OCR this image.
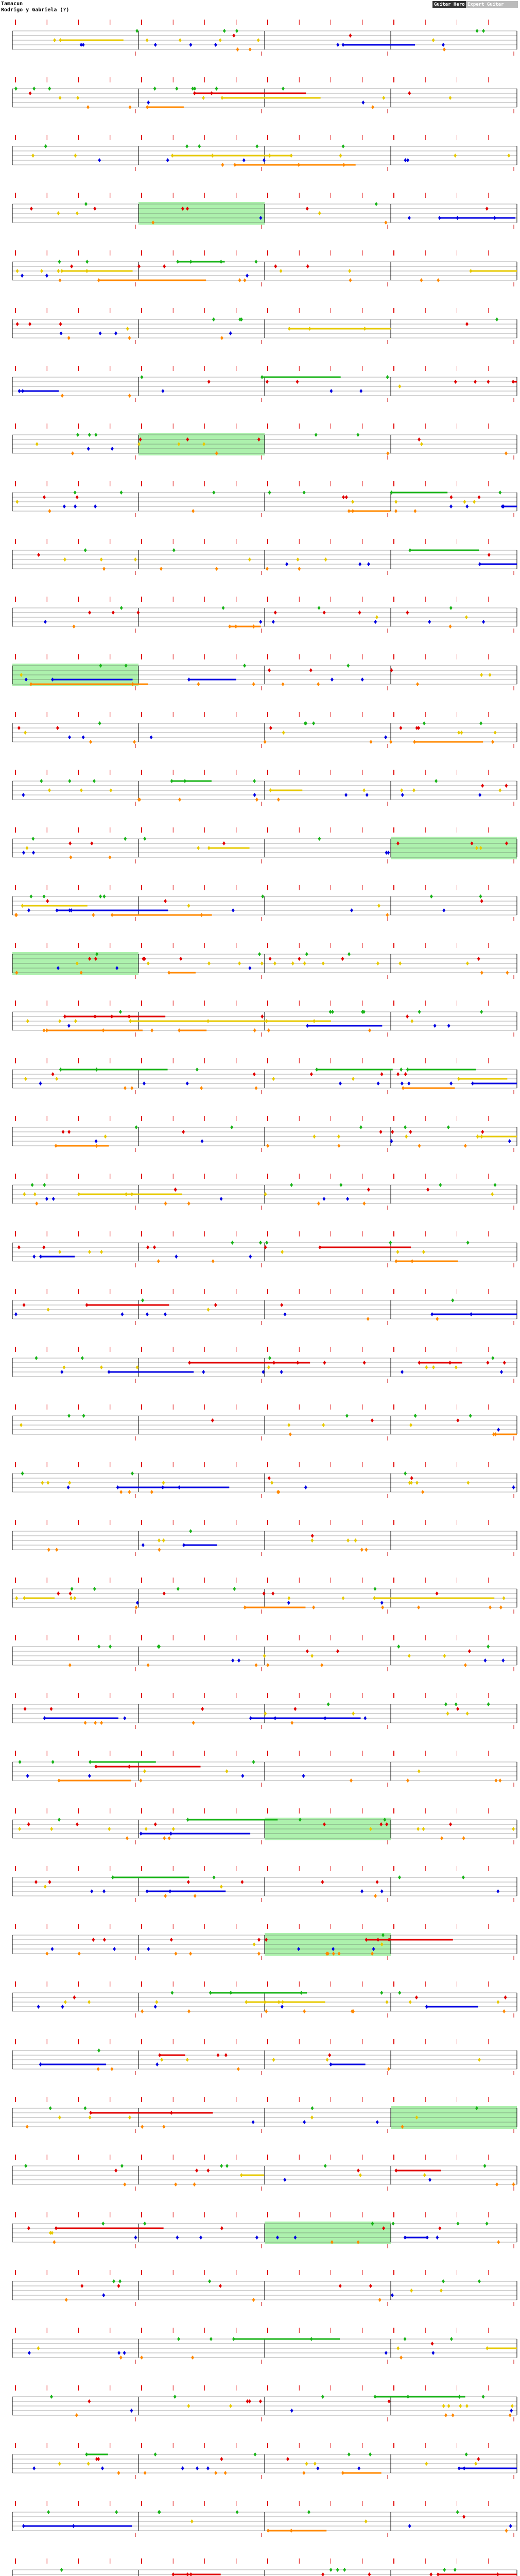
Tamacun
Rodrigo y Gabriela (?)
Guitar Hero Expert Guitar
